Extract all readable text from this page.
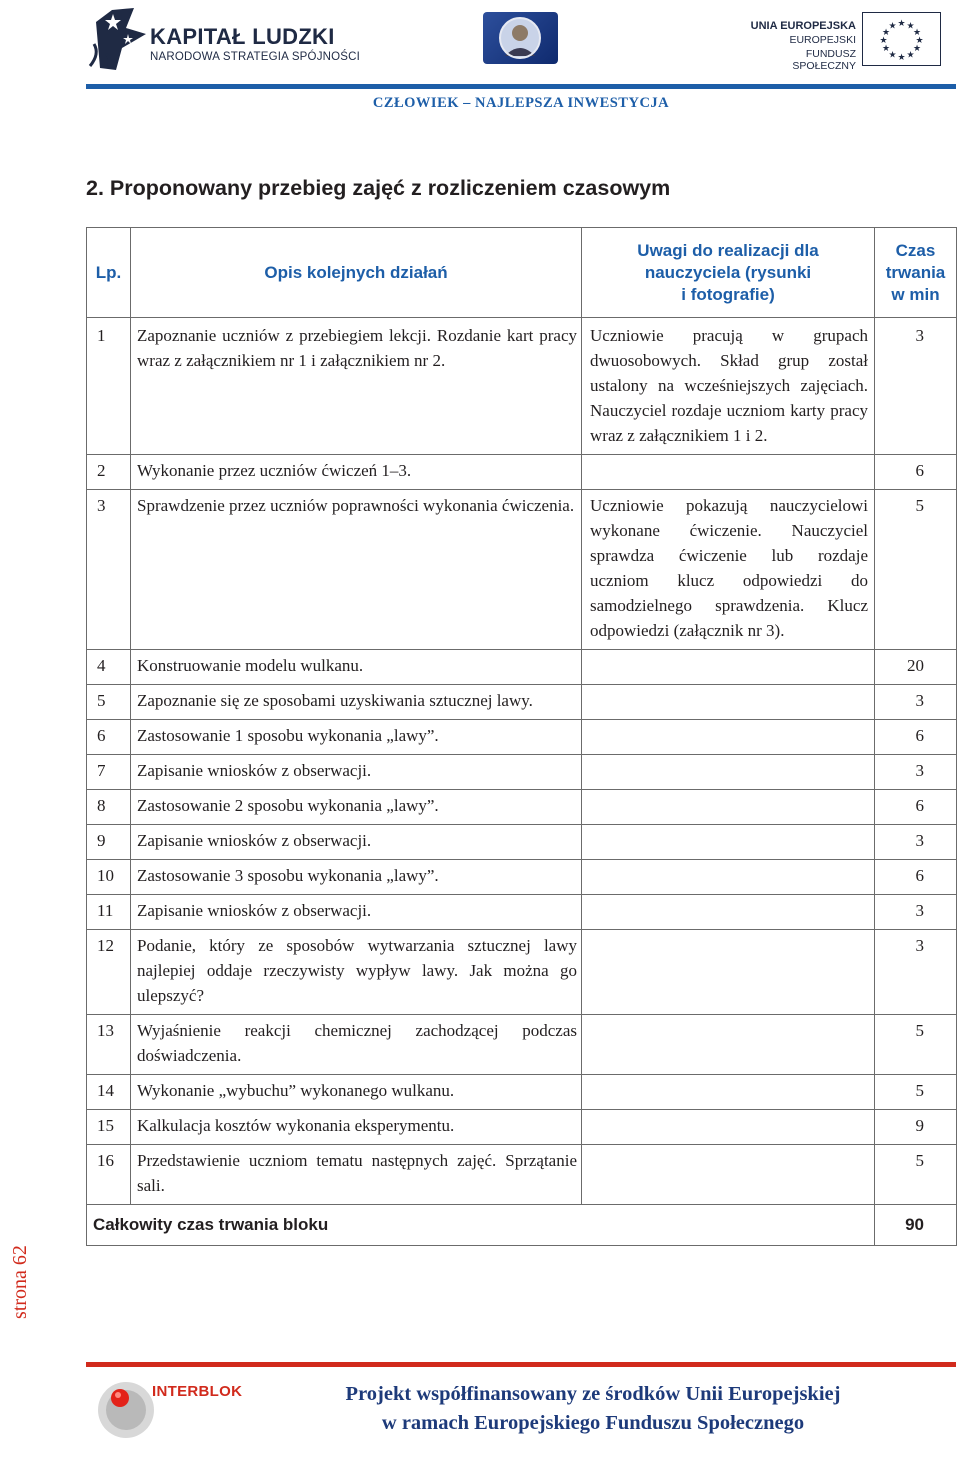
KAPITAŁ LUDZKI
NARODOWA STRATEGIA SPÓJNOŚCI
UNIA EUROPEJSKA
EUROPEJSKI
FUNDUSZ SPOŁECZNY
★ ★
★
★
★
★
★
★
★
★
★
★
CZŁOWIEK – NAJLEPSZA INWESTYCJA
2. Proponowany przebieg zajęć z rozliczeniem czasowym
Lp.	Opis kolejnych działań	Uwagi do realizacji dla
nauczyciela (rysunki
i fotografie)	Czas
trwania
w min
1	Zapoznanie uczniów z przebiegiem lekcji. Rozdanie kart pracy wraz z załącznikiem nr 1 i załącznikiem nr 2.	Uczniowie pracują w grupach dwuosobowych. Skład grup został ustalony na wcześniejszych zajęciach. Nauczyciel rozdaje uczniom karty pracy wraz z załącznikiem 1 i 2.	3
2	Wykonanie przez uczniów ćwiczeń 1–3.		6
3	Sprawdzenie przez uczniów poprawności wykonania ćwiczenia.	Uczniowie pokazują nauczycielowi wykonane ćwiczenie. Nauczyciel sprawdza ćwiczenie lub rozdaje uczniom klucz odpowiedzi do samodzielnego sprawdzenia. Klucz odpowiedzi (załącznik nr 3).	5
4	Konstruowanie modelu wulkanu.		20
5	Zapoznanie się ze sposobami uzyskiwania sztucznej lawy.		3
6	Zastosowanie 1 sposobu wykonania „lawy”.		6
7	Zapisanie wniosków z obserwacji.		3
8	Zastosowanie 2 sposobu wykonania „lawy”.		6
9	Zapisanie wniosków z obserwacji.		3
10	Zastosowanie 3 sposobu wykonania „lawy”.		6
11	Zapisanie wniosków z obserwacji.		3
12	Podanie, który ze sposobów wytwarzania sztucznej lawy najlepiej oddaje rzeczywisty wypływ lawy. Jak można go ulepszyć?		3
13	Wyjaśnienie reakcji chemicznej zachodzącej podczas doświadczenia.		5
14	Wykonanie „wybuchu” wykonanego wulkanu.		5
15	Kalkulacja kosztów wykonania eksperymentu.		9
16	Przedstawienie uczniom tematu następnych zajęć. Sprzątanie sali.		5
Całkowity czas trwania bloku			90
strona 62
INTERBLOK	Projekt współfinansowany ze środków Unii Europejskiej
w ramach Europejskiego Funduszu Społecznego
